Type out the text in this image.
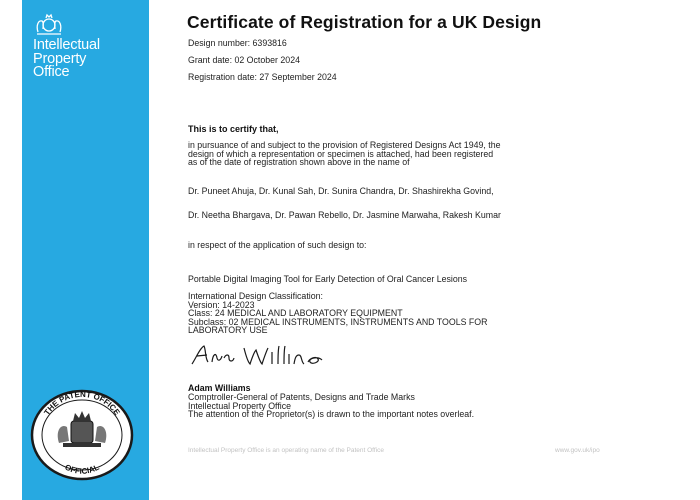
Intellectual
Property
Office
THE PATENT OFFICE
OFFICIAL
Certificate of Registration for a UK Design
Design number: 6393816
Grant date: 02 October 2024
Registration date: 27 September 2024
This is to certify that,
in pursuance of and subject to the provision of Registered Designs Act 1949, the
design of which a representation or specimen is attached, had been registered
as of the date of registration shown above in the name of
Dr. Puneet Ahuja, Dr. Kunal Sah, Dr. Sunira Chandra, Dr. Shashirekha Govind,
Dr. Neetha Bhargava, Dr. Pawan Rebello, Dr. Jasmine Marwaha, Rakesh Kumar
in respect of the application of such design to:
Portable Digital Imaging Tool for Early Detection of Oral Cancer Lesions
International Design Classification:
Version: 14-2023
Class: 24 MEDICAL AND LABORATORY EQUIPMENT
Subclass: 02 MEDICAL INSTRUMENTS, INSTRUMENTS AND TOOLS FOR
LABORATORY USE
Adam Williams
Comptroller-General of Patents, Designs and Trade Marks
Intellectual Property Office
The attention of the Proprietor(s) is drawn to the important notes overleaf.
Intellectual Property Office is an operating name of the Patent Office	www.gov.uk/ipo
